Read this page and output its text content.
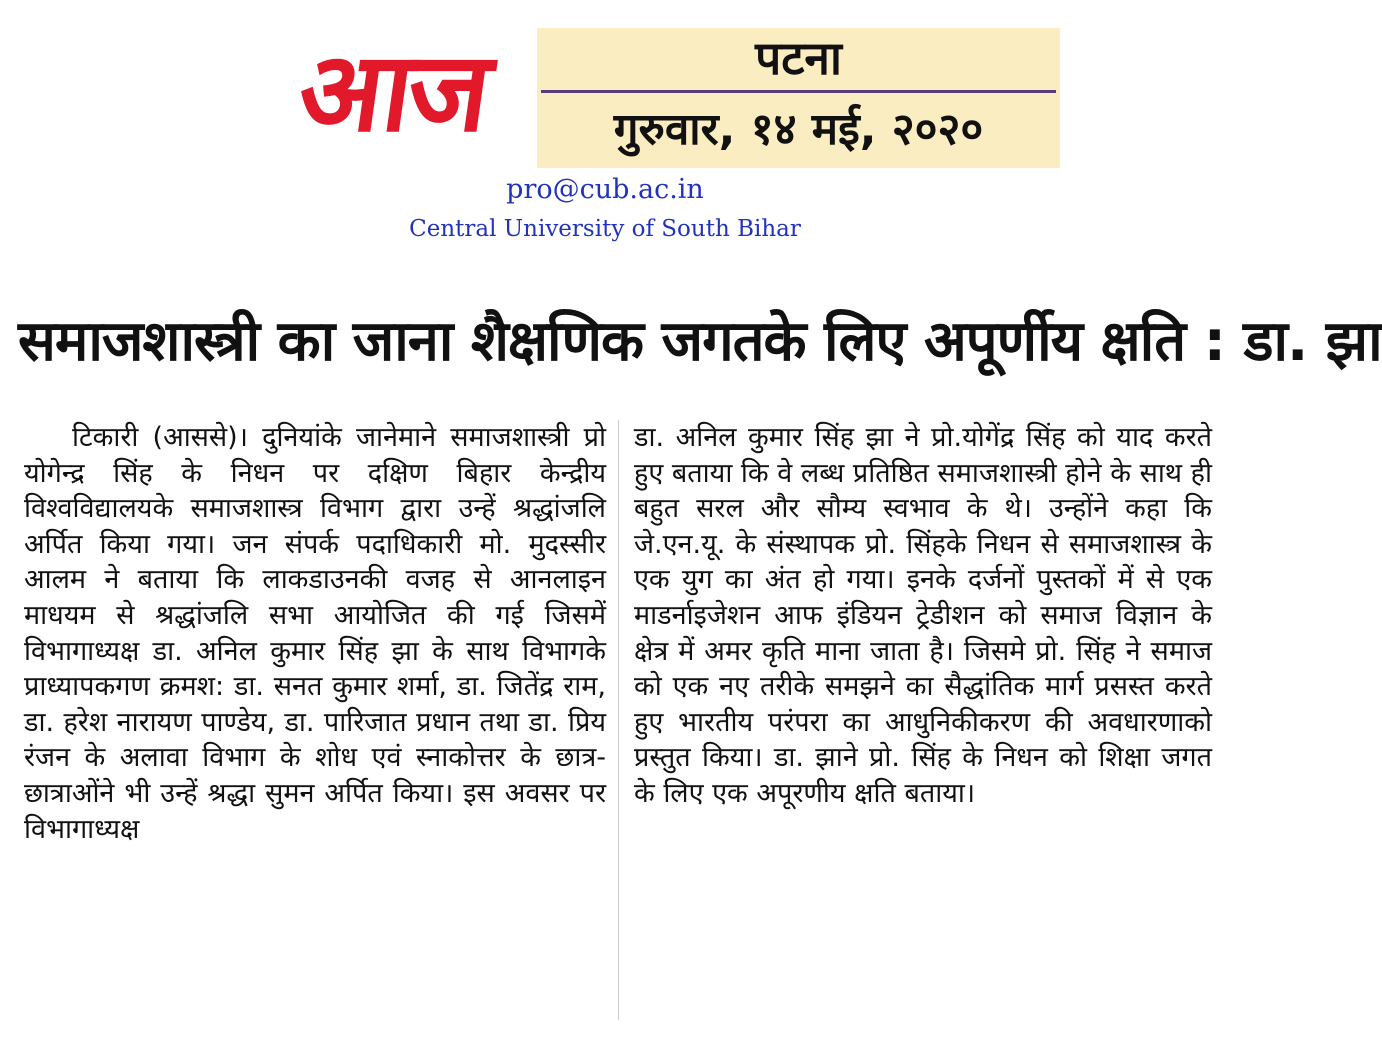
आज	पटना
गुरुवार, १४ मई, २०२०
pro@cub.ac.in
Central University of South Bihar
समाजशास्त्री का जाना शैक्षणिक जगतके लिए अपूर्णीय क्षति : डा. झा
टिकारी (आससे)। दुनियांके जानेमाने समाजशास्त्री प्रो योगेन्द्र सिंह के निधन पर दक्षिण बिहार केन्द्रीय विश्वविद्यालयके समाजशास्त्र विभाग द्वारा उन्हें श्रद्धांजलि अर्पित किया गया। जन संपर्क पदाधिकारी मो. मुदस्सीर आलम ने बताया कि लाकडाउनकी वजह से आनलाइन माधयम से श्रद्धांजलि सभा आयोजित की गई जिसमें विभागाध्यक्ष डा. अनिल कुमार सिंह झा के साथ विभागके प्राध्यापकगण क्रमश: डा. सनत कुमार शर्मा, डा. जितेंद्र राम, डा. हरेश नारायण पाण्डेय, डा. पारिजात प्रधान तथा डा. प्रिय रंजन के अलावा विभाग के शोध एवं स्नाकोत्तर के छात्र- छात्राओंने भी उन्हें श्रद्धा सुमन अर्पित किया। इस अवसर पर विभागाध्यक्ष
डा. अनिल कुमार सिंह झा ने प्रो.योगेंद्र सिंह को याद करते हुए बताया कि वे लब्ध प्रतिष्ठित समाजशास्त्री होने के साथ ही बहुत सरल और सौम्य स्वभाव के थे। उन्होंने कहा कि जे.एन.यू. के संस्थापक प्रो. सिंहके निधन से समाजशास्त्र के एक युग का अंत हो गया। इनके दर्जनों पुस्तकों में से एक माडर्नाइजेशन आफ इंडियन ट्रेडीशन को समाज विज्ञान के क्षेत्र में अमर कृति माना जाता है। जिसमे प्रो. सिंह ने समाज को एक नए तरीके समझने का सैद्धांतिक मार्ग प्रसस्त करते हुए भारतीय परंपरा का आधुनिकीकरण की अवधारणाको प्रस्तुत किया। डा. झाने प्रो. सिंह के निधन को शिक्षा जगत के लिए एक अपूरणीय क्षति बताया।
